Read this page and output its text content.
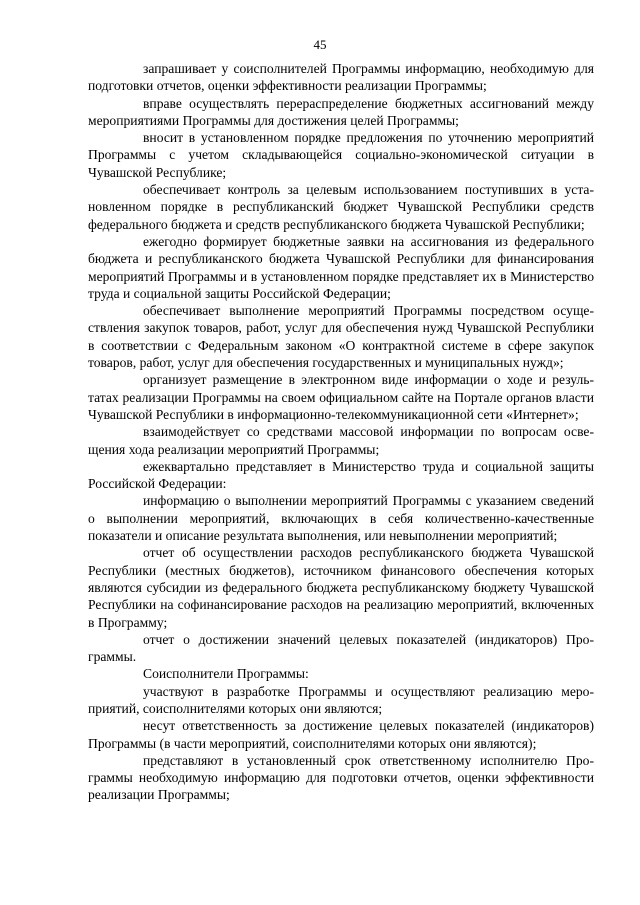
45

запрашивает у соисполнителей Программы информацию, необходимую для подготовки отчетов, оценки эффективности реализации Программы;

вправе осуществлять перераспределение бюджетных ассигнований между мероприятиями Программы для достижения целей Программы;

вносит в установленном порядке предложения по уточнению мероприятий Программы с учетом складывающейся социально-экономической ситуации в Чувашской Республике;

обеспечивает контроль за целевым использованием поступивших в установленном порядке в республиканский бюджет Чувашской Республики средств федерального бюджета и средств республиканского бюджета Чувашской Республики;

ежегодно формирует бюджетные заявки на ассигнования из федерального бюджета и республиканского бюджета Чувашской Республики для финансирования мероприятий Программы и в установленном порядке представляет их в Министерство труда и социальной защиты Российской Федерации;

обеспечивает выполнение мероприятий Программы посредством осуществления закупок товаров, работ, услуг для обеспечения нужд Чувашской Республики в соответствии с Федеральным законом «О контрактной системе в сфере закупок товаров, работ, услуг для обеспечения государственных и муниципальных нужд»;

организует размещение в электронном виде информации о ходе и результатах реализации Программы на своем официальном сайте на Портале органов власти Чувашской Республики в информационно-телекоммуникационной сети «Интернет»;

взаимодействует со средствами массовой информации по вопросам освещения хода реализации мероприятий Программы;

ежеквартально представляет в Министерство труда и социальной защиты Российской Федерации:

информацию о выполнении мероприятий Программы с указанием сведений о выполнении мероприятий, включающих в себя количественно-качественные показатели и описание результата выполнения, или невыполнении мероприятий;

отчет об осуществлении расходов республиканского бюджета Чувашской Республики (местных бюджетов), источником финансового обеспечения которых являются субсидии из федерального бюджета республиканскому бюджету Чувашской Республики на софинансирование расходов на реализацию мероприятий, включенных в Программу;

отчет о достижении значений целевых показателей (индикаторов) Программы.

Соисполнители Программы:

участвуют в разработке Программы и осуществляют реализацию мероприятий, соисполнителями которых они являются;

несут ответственность за достижение целевых показателей (индикаторов) Программы (в части мероприятий, соисполнителями которых они являются);

представляют в установленный срок ответственному исполнителю Программы необходимую информацию для подготовки отчетов, оценки эффективности реализации Программы;
